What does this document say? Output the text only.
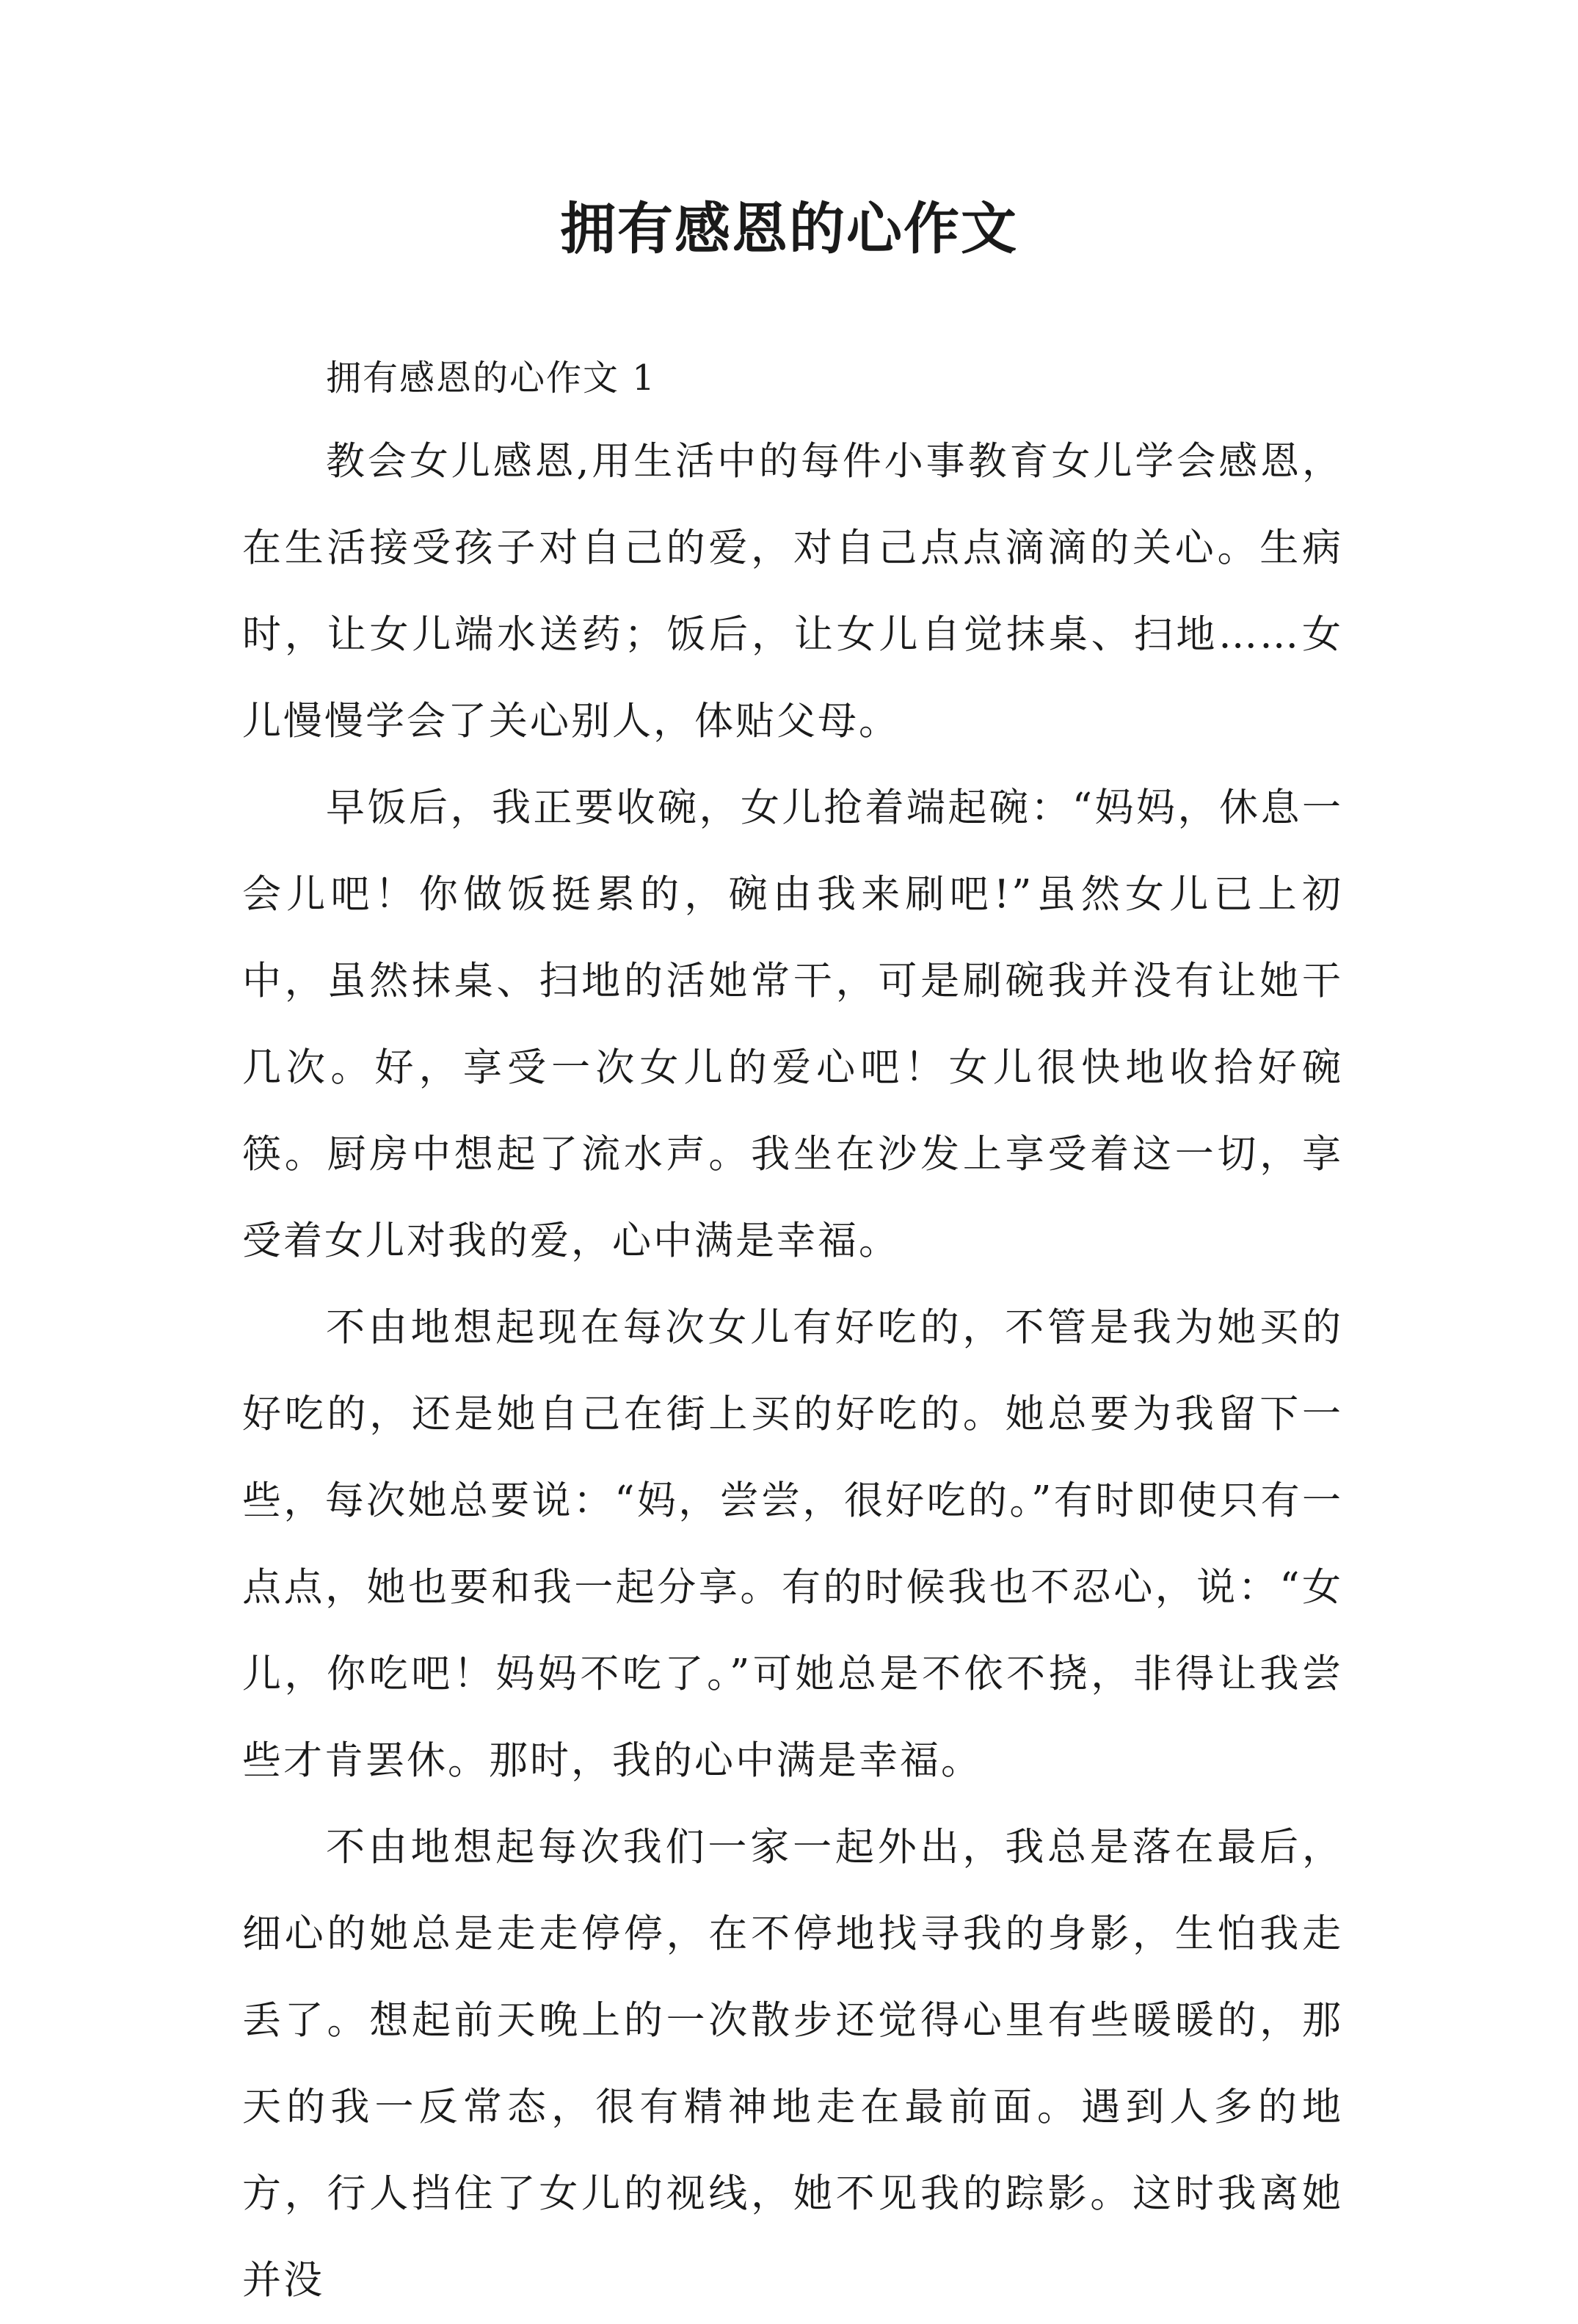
拥有感恩的心作文

拥有感恩的心作文 1

教会女儿感恩,用生活中的每件小事教育女儿学会感恩，在生活接受孩子对自己的爱，对自己点点滴滴的关心。生病时，让女儿端水送药；饭后，让女儿自觉抹桌、扫地……女儿慢慢学会了关心别人，体贴父母。

早饭后，我正要收碗，女儿抢着端起碗：“妈妈，休息一会儿吧！你做饭挺累的，碗由我来刷吧!”虽然女儿已上初中，虽然抹桌、扫地的活她常干，可是刷碗我并没有让她干几次。好，享受一次女儿的爱心吧！女儿很快地收拾好碗筷。厨房中想起了流水声。我坐在沙发上享受着这一切，享受着女儿对我的爱，心中满是幸福。

不由地想起现在每次女儿有好吃的，不管是我为她买的好吃的，还是她自己在街上买的好吃的。她总要为我留下一些，每次她总要说：“妈，尝尝，很好吃的。”有时即使只有一点点，她也要和我一起分享。有的时候我也不忍心，说：“女儿，你吃吧！妈妈不吃了。”可她总是不依不挠，非得让我尝些才肯罢休。那时，我的心中满是幸福。

不由地想起每次我们一家一起外出，我总是落在最后，细心的她总是走走停停，在不停地找寻我的身影，生怕我走丢了。想起前天晚上的一次散步还觉得心里有些暖暖的，那天的我一反常态，很有精神地走在最前面。遇到人多的地方，行人挡住了女儿的视线，她不见我的踪影。这时我离她并没
